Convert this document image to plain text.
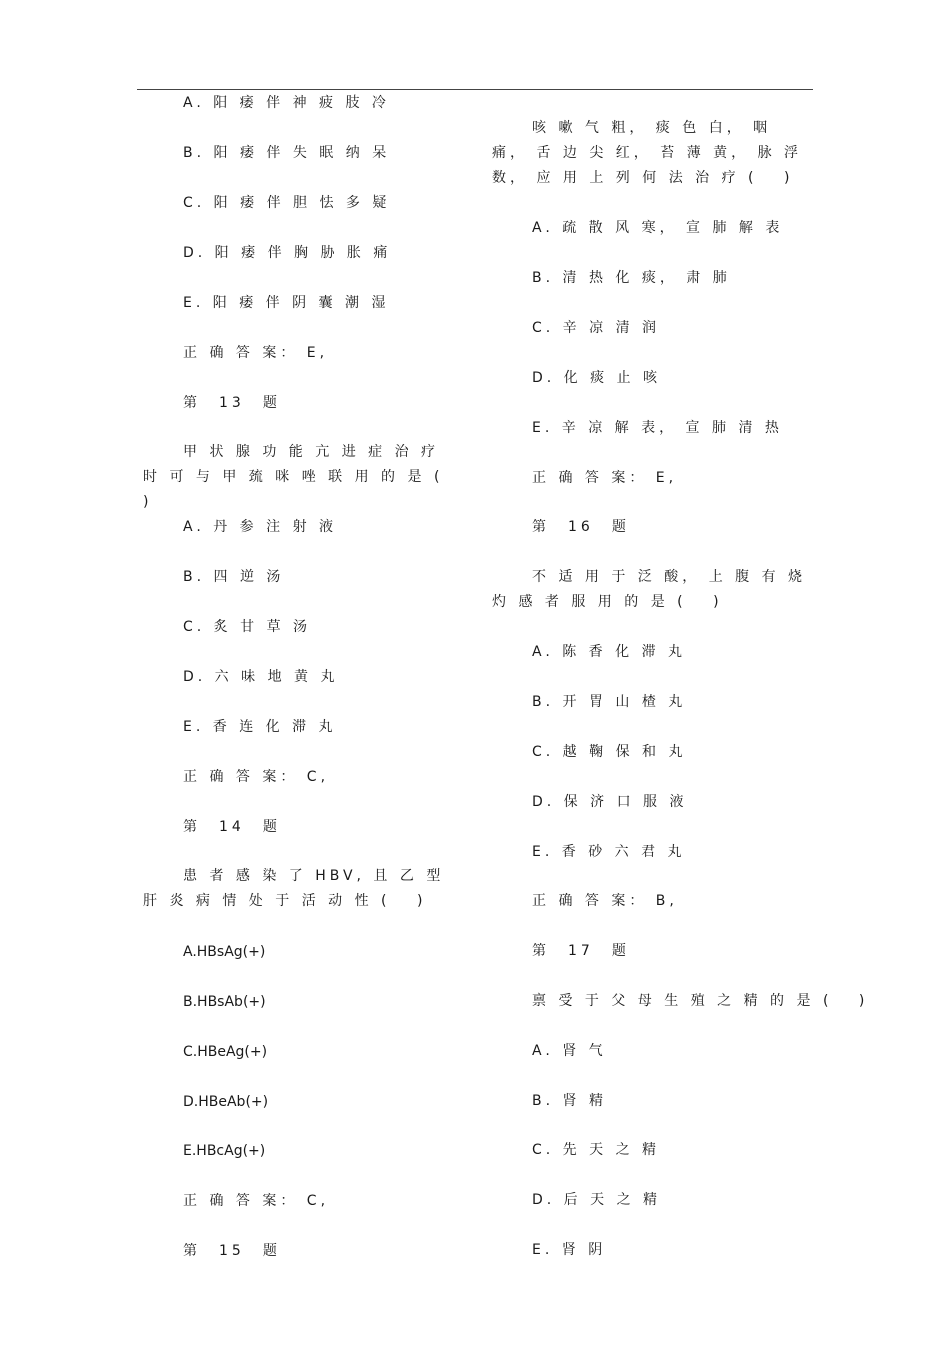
A. 阳 痿 伴 神 疲 肢 冷
B. 阳 痿 伴 失 眠 纳 呆
C. 阳 痿 伴 胆 怯 多 疑
D. 阳 痿 伴 胸 胁 胀 痛
E. 阳 痿 伴 阴 囊 潮 湿
正 确 答 案： E,
第　13　题
甲 状 腺 功 能 亢 进 症 治 疗 时 可 与 甲 巯 咪 唑 联 用 的 是 (　 )
A. 丹 参 注 射 液
B. 四 逆 汤
C. 炙 甘 草 汤
D. 六 味 地 黄 丸
E. 香 连 化 滞 丸
正 确 答 案： C,
第　14　题
患 者 感 染 了 HBV, 且 乙 型 肝 炎 病 情 处 于 活 动 性 (　 )
A.HBsAg(+)
B.HBsAb(+)
C.HBeAg(+)
D.HBeAb(+)
E.HBcAg(+)
正 确 答 案： C,
第　15　题
咳 嗽 气 粗， 痰 色 白， 咽 痛， 舌 边 尖 红， 苔 薄 黄， 脉 浮 数， 应 用 上 列 何 法 治 疗 (　 )
A. 疏 散 风 寒， 宣 肺 解 表
B. 清 热 化 痰， 肃 肺
C. 辛 凉 清 润
D. 化 痰 止 咳
E. 辛 凉 解 表， 宣 肺 清 热
正 确 答 案： E,
第　16　题
不 适 用 于 泛 酸， 上 腹 有 烧 灼 感 者 服 用 的 是 (　 )
A. 陈 香 化 滞 丸
B. 开 胃 山 楂 丸
C. 越 鞠 保 和 丸
D. 保 济 口 服 液
E. 香 砂 六 君 丸
正 确 答 案： B,
第　17　题
禀 受 于 父 母 生 殖 之 精 的 是 (　 )
A. 肾 气
B. 肾 精
C. 先 天 之 精
D. 后 天 之 精
E. 肾 阴
